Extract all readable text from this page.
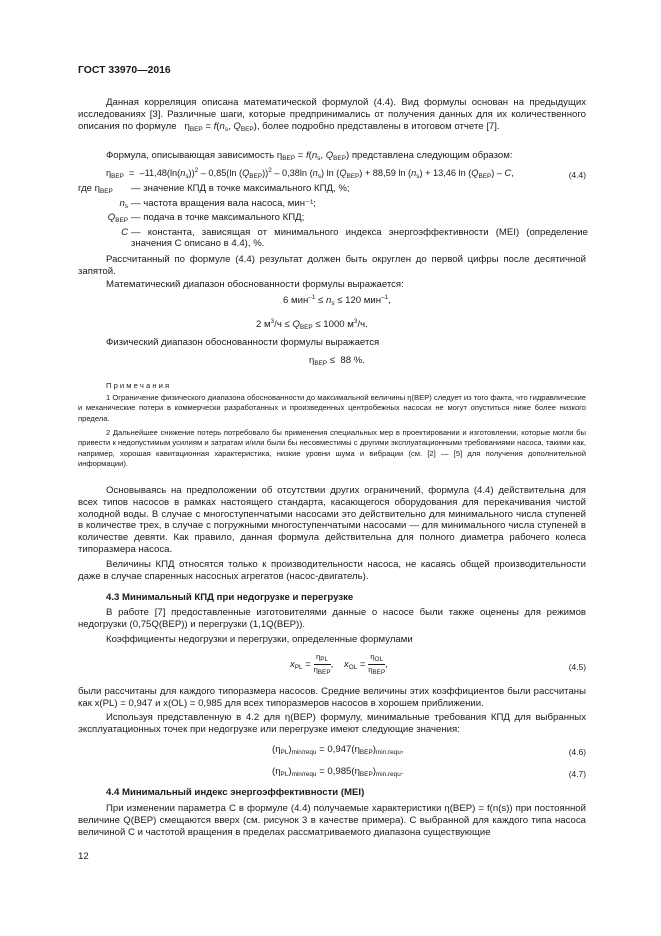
ГОСТ 33970—2016
Данная корреляция описана математической формулой (4.4). Вид формулы основан на предыдущих исследованиях [3]. Различные шаги, которые предпринимались от получения данных для их количественного описания по формуле   $\eta_{BEP} = f(n_s$, $Q_{BEP}$), более подробно представлены в итоговом отчете [7].
Формула, описывающая зависимость $\eta_{BEP} = f(n_s$, $Q_{BEP}$) представлена следующим образом:
$\eta_{BEP} = -11,48(\ln(n_s))^2 - 0,85(\ln$ $(Q_{BEP}))^2 - 0,38\ln$ $(n_s)$ $\ln (Q_{BEP}) + 88,59$ $\ln (n_s) + 13,46$ $\ln (Q_{BEP})$ – C,	(4.4)
где $\eta_{BEP}$	— значение КПД в точке максимального КПД, %;
$n_s$	— частота вращения вала насоса, мин⁻¹;
$Q_{BEP}$	— подача в точке максимального КПД;
C	— константа, зависящая от минимального индекса энергоэффективности (MEI) (определение значения C описано в 4.4), %.
Рассчитанный по формуле (4.4) результат должен быть округлен до первой цифры после десятичной запятой.
Математический диапазон обоснованности формулы выражается:
6 $мин^{-1} \le n_s \le 120$ мин$^{-1}$,
2 $м^3/ч \le Q_{BEP} \le 1000$ $м^3/ч$.
Физический диапазон обоснованности формулы выражается
$\eta_{BEP} \le 88$ %.
П р и м е ч а н и я
1 Ограничение физического диапазона обоснованности до максимальной величины η(BEP) следует из того факта, что гидравлические и механические потери в коммерчески разработанных и произведенных центробежных насосах не могут опуститься ниже более низкого предела.
2 Дальнейшее снижение потерь потребовало бы применения специальных мер в проектировании и изготовлении, которые могли бы привести к недопустимым усилиям и затратам и/или были бы несовместимы с другими эксплуатационными требованиями насоса, такими как, например, хорошая кавитационная характеристика, низкие уровни шума и вибрации (см. [2] — [5] для получения дополнительной информации).
Основываясь на предположении об отсутствии других ограничений, формула (4.4) действительна для всех типов насосов в рамках настоящего стандарта, касающегося оборудования для перекачивания чистой холодной воды. В случае с многоступенчатыми насосами это действительно для минимального числа ступеней в количестве трех, в случае с погружными многоступенчатыми насосами — для минимального числа ступеней в количестве девяти. Как правило, данная формула действительна для полного диаметра рабочего колеса типоразмера насоса.
Величины КПД относятся только к производительности насоса, не касаясь общей производительности даже в случае спаренных насосных агрегатов (насос-двигатель).
4.3 Минимальный КПД при недогрузке и перегрузке
В работе [7] предоставленные изготовителями данные о насосе были также оценены для режимов недогрузки (0,75Q(BEP)) и перегрузки (1,1Q(BEP)).
Коэффициенты недогрузки и перегрузки, определенные формулами
$x_{PL} = \frac{\eta_{PL}}{\eta_{BEP}}$ ,    $x_{OL} = \frac{\eta_{OL}}{\eta_{BEP}}$ ,	(4.5)
были рассчитаны для каждого типоразмера насосов. Средние величины этих коэффициентов были рассчитаны как x(PL) = 0,947 и x(OL) = 0,985 для всех типоразмеров насосов в хорошем приближении.
Используя представленную в 4.2 для η(BEP) формулу, минимальные требования КПД для выбранных эксплуатационных точек при недогрузке или перегрузке имеют следующие значения:
$(\eta_{PL})_{min/requ} = 0,947(\eta_{BEP})_{min.requ}$,	(4.6)
$(\eta_{PL})_{min/requ} = 0,985(\eta_{BEP})_{min.requ}$.	(4.7)
4.4 Минимальный индекс энергоэффективности (MEI)
При изменении параметра C в формуле (4.4) получаемые характеристики η(BEP) = f(n(s)) при постоянной величине Q(BEP) смещаются вверх (см. рисунок 3 в качестве примера). С выбранной для каждого типа насоса величиной C и частотой вращения в пределах рассматриваемого диапазона существующие
12
